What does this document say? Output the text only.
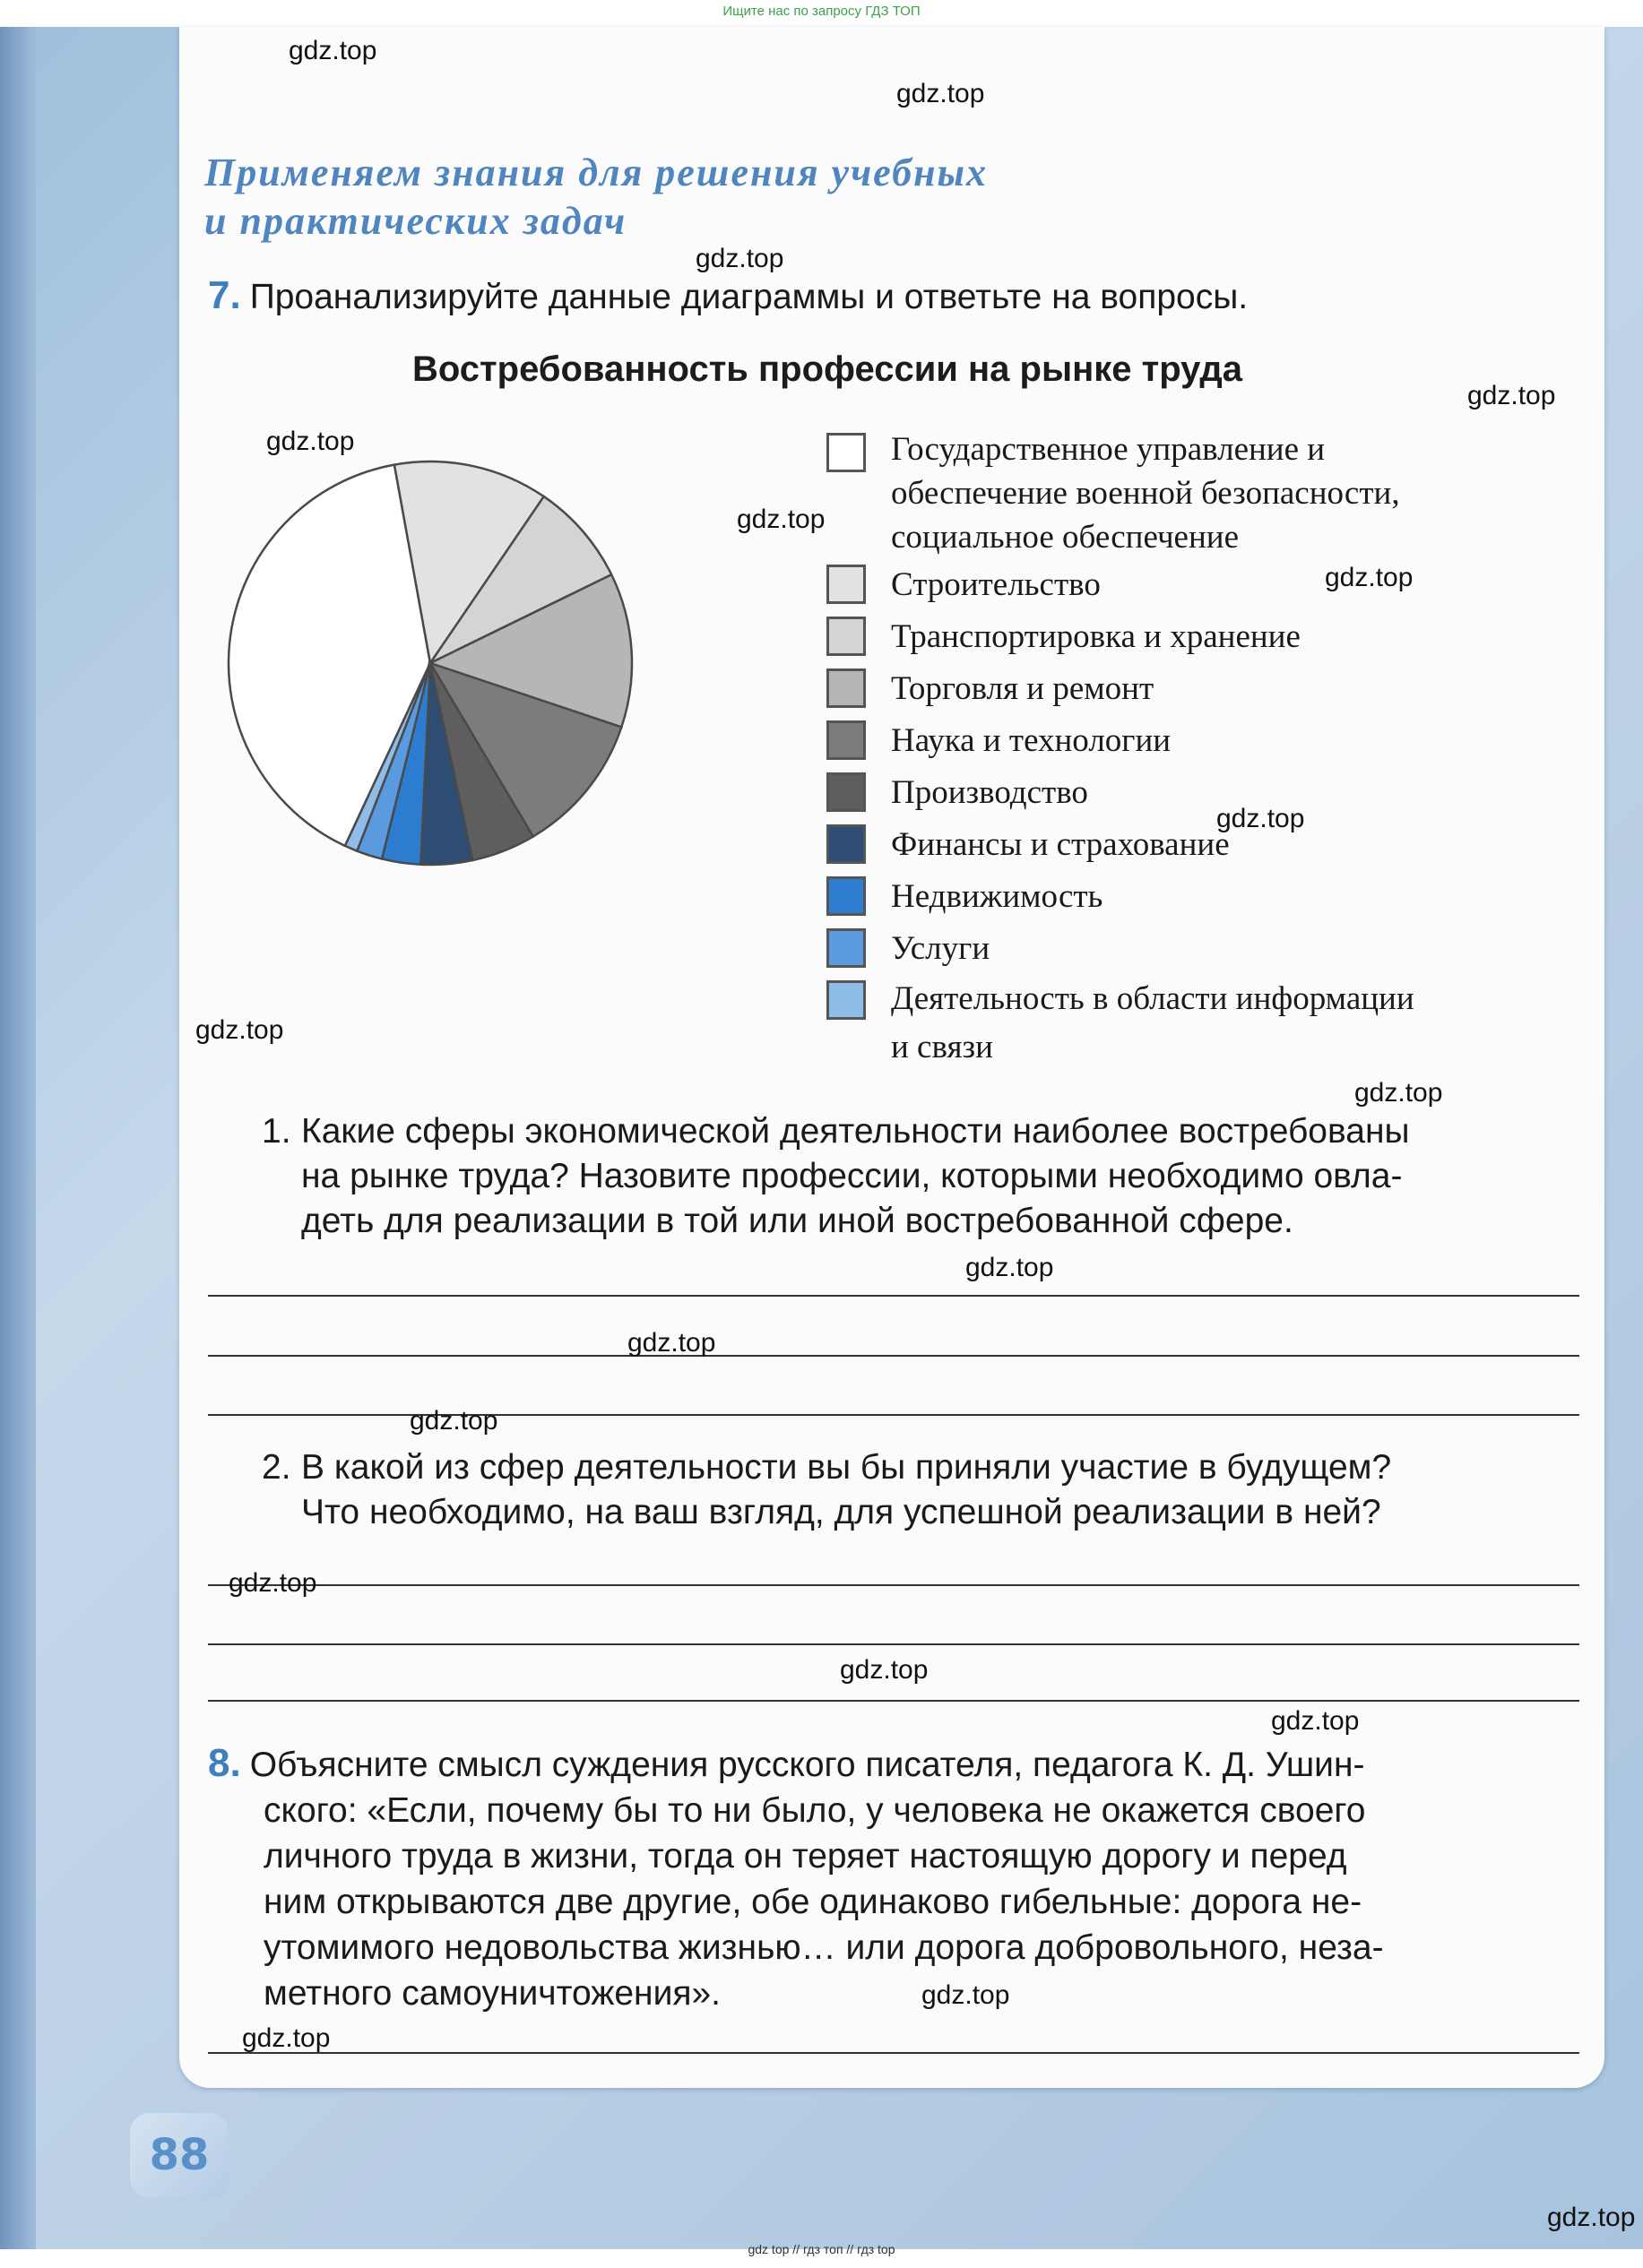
Ищите нас по запросу ГДЗ ТОП
Применяем знания для решения учебных
и практических задач
7. Проанализируйте данные диаграммы и ответьте на вопросы.
Востребованность профессии на рынке труда
Государственное управление и
обеспечение военной безопасности,
социальное обеспечение
Строительство
Транспортировка и хранение
Торговля и ремонт
Наука и технологии
Производство
Финансы и страхование
Недвижимость
Услуги
Деятельность в области информации
и связи
1. Какие сферы экономической деятельности наиболее востребованы
на рынке труда? Назовите профессии, которыми необходимо овла-
деть для реализации в той или иной востребованной сфере.
2. В какой из сфер деятельности вы бы приняли участие в будущем?
Что необходимо, на ваш взгляд, для успешной реализации в ней?
8. Объясните смысл суждения русского писателя, педагога К. Д. Ушин-
ского: «Если, почему бы то ни было, у человека не окажется своего
личного труда в жизни, тогда он теряет настоящую дорогу и перед
ним открываются две другие, обе одинаково гибельные: дорога не-
утомимого недовольства жизнью… или дорога добровольного, неза-
метного самоуничтожения».
88
gdz.top
gdz.top
gdz.top
gdz.top
gdz.top
gdz.top
gdz.top
gdz.top
gdz.top
gdz.top
gdz.top
gdz.top
gdz.top
gdz.top
gdz.top
gdz.top
gdz.top
gdz.top
gdz.top
gdz top // гдз топ // гдз top
